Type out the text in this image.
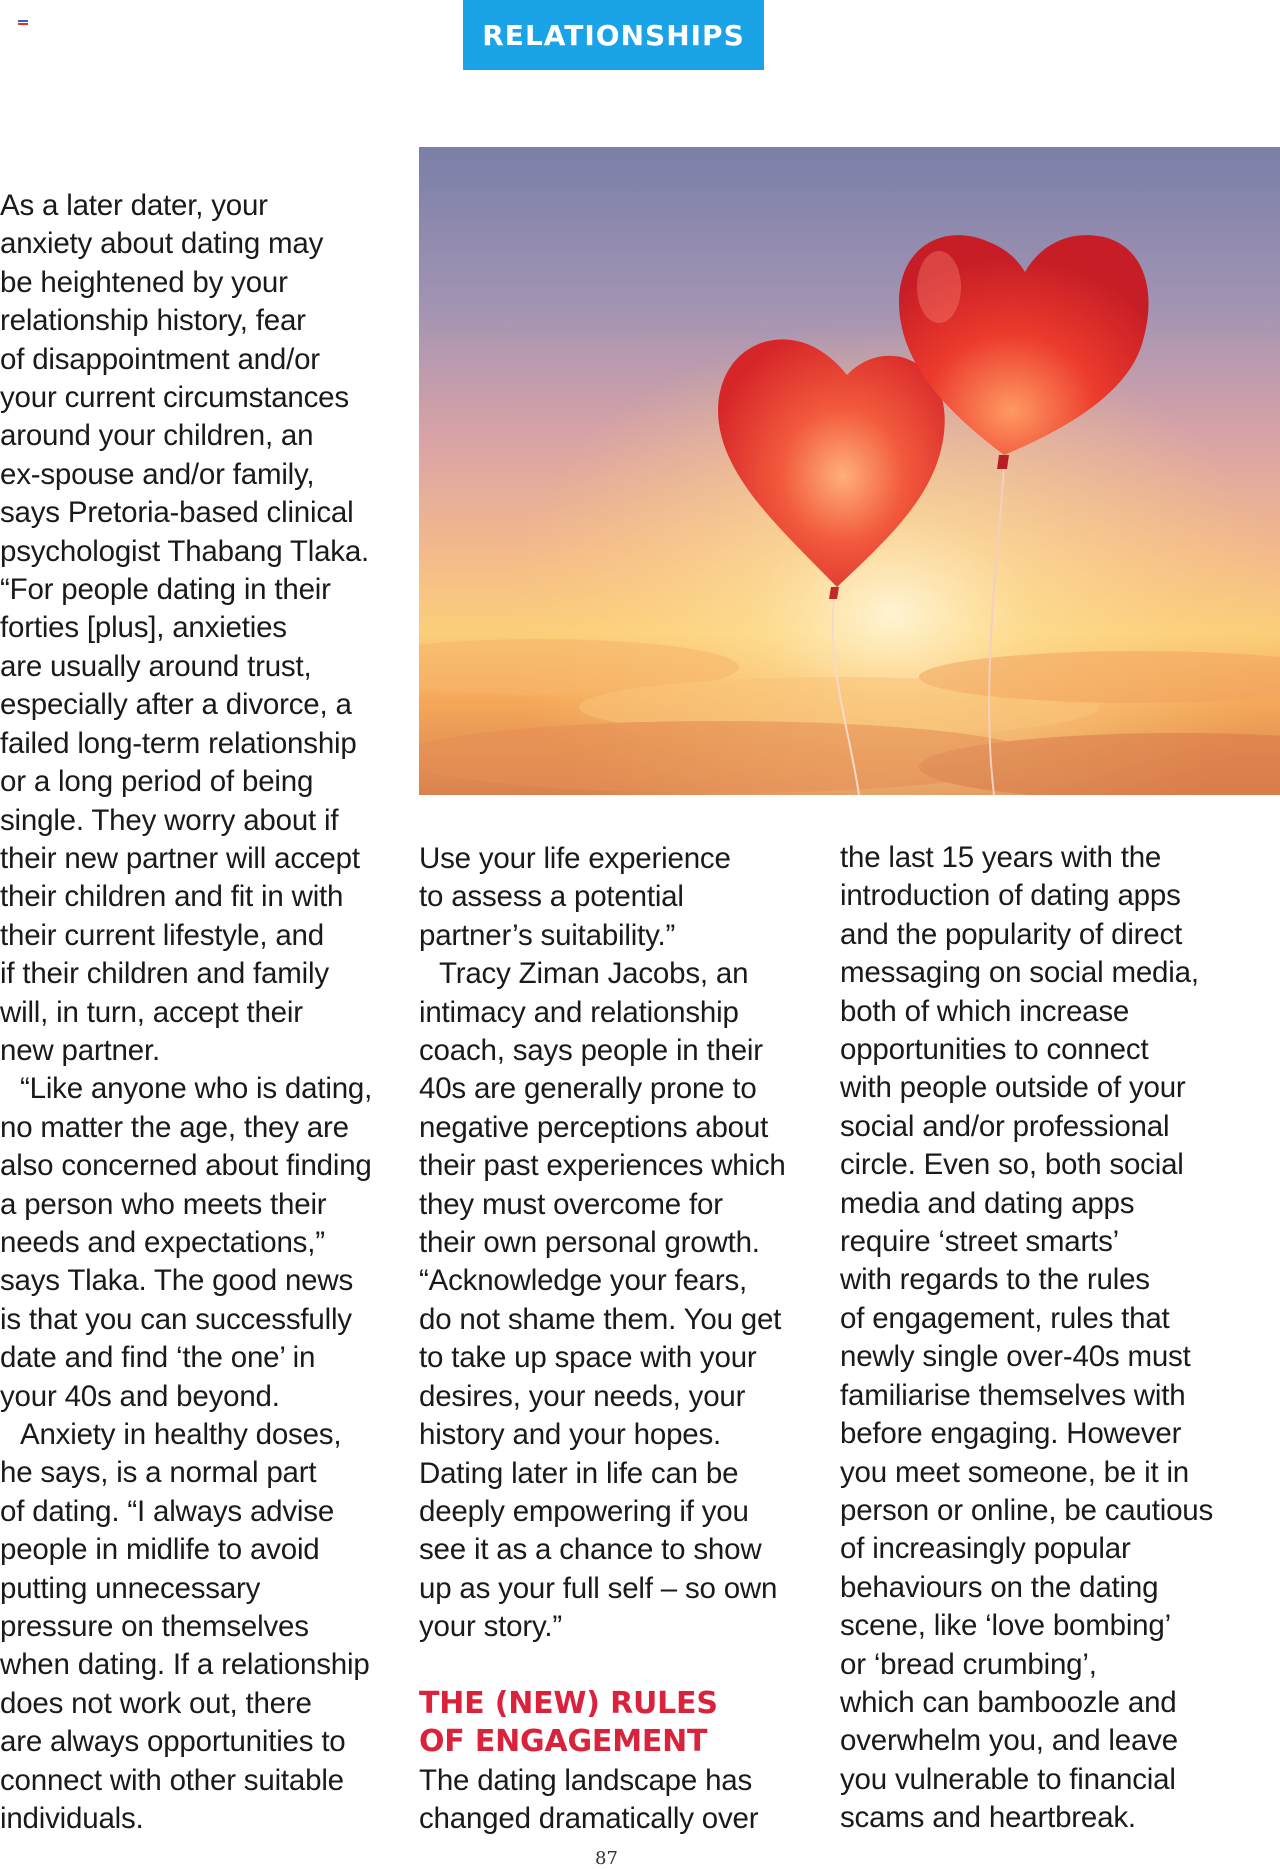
RELATIONSHIPS

As a later dater, your

anxiety about dating may

be heightened by your

relationship history, fear

of disappointment and/or

your current circumstances

around your children, an

ex-spouse and/or family,

says Pretoria-based clinical

psychologist Thabang Tlaka.

“For people dating in their

forties [plus], anxieties

are usually around trust,

especially after a divorce, a

failed long-term relationship

or a long period of being

single. They worry about if

their new partner will accept

their children and fit in with

their current lifestyle, and

if their children and family

will, in turn, accept their

new partner.

“Like anyone who is dating,

no matter the age, they are

also concerned about finding

a person who meets their

needs and expectations,”

says Tlaka. The good news

is that you can successfully

date and find ‘the one’ in

your 40s and beyond.

Anxiety in healthy doses,

he says, is a normal part

of dating. “I always advise

people in midlife to avoid

putting unnecessary

pressure on themselves

when dating. If a relationship

does not work out, there

are always opportunities to

connect with other suitable

individuals.

Use your life experience

to assess a potential

partner’s suitability.”

Tracy Ziman Jacobs, an

intimacy and relationship

coach, says people in their

40s are generally prone to

negative perceptions about

their past experiences which

they must overcome for

their own personal growth.

“Acknowledge your fears,

do not shame them. You get

to take up space with your

desires, your needs, your

history and your hopes.

Dating later in life can be

deeply empowering if you

see it as a chance to show

up as your full self – so own

your story.”

THE (NEW) RULES

OF ENGAGEMENT

The dating landscape has

changed dramatically over

the last 15 years with the

introduction of dating apps

and the popularity of direct

messaging on social media,

both of which increase

opportunities to connect

with people outside of your

social and/or professional

circle. Even so, both social

media and dating apps

require ‘street smarts’

with regards to the rules

of engagement, rules that

newly single over-40s must

familiarise themselves with

before engaging. However

you meet someone, be it in

person or online, be cautious

of increasingly popular

behaviours on the dating

scene, like ‘love bombing’

or ‘bread crumbing’,

which can bamboozle and

overwhelm you, and leave

you vulnerable to financial

scams and heartbreak.

87
